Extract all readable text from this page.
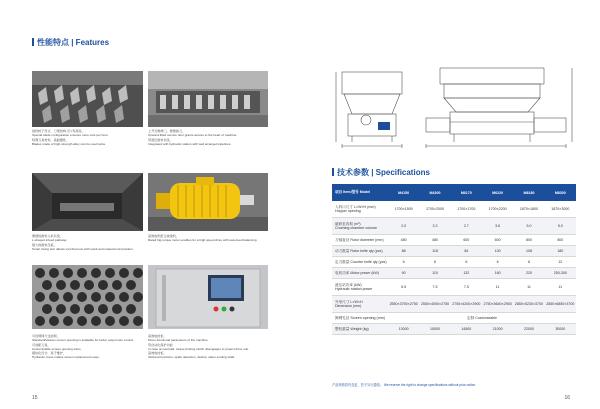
性能特点 | Features
独特转子设计，刀架结构刀片寿命高，
Special blade configuration ensures more cuts per hour
特殊刀具材料，高耐磨性，
Blades made of high-strength alloy can be used twice.
上开式维修门，便捷换刀，
Upward-lifted service door grants access to the heart of machine.
带液压推料系统，
Integrated with hydraulic station with well arranged pipelines.
便捷的推料入料系统，
L-shaped infeed pathway.
强大的推料压板，
Smart swing arm allows synchronous with stock and material composition.
高效电机配合减速机，
Rated big-torque motor enables for a high speed drive with auto-feed balancing.
可选筛网与过滤网，
Standard/Various screen opening is available for better output size control.
可选配刀具，
Customisable screen opening sizes.
模块化设计，易于维护，
Hydraulic crane makes screen replacement easy.
高效电控柜，
Mono-functional parameters of the machine.
带自动化保护功能
In case of overload, torque-limiting clutch disengages to protect drive unit.
高效电控柜，
Optional functions: spark detection, dedust, water-cooling shaft.
15
技术参数 | Specifications
项目 Item/型号 Model	M4150	M4200	M6170	M6220	M8180	M8300

入料口尺寸 L×W×H (mm)
Hopper opening	1700×1500	1700×2000	1700×1700	1700×2200	1870×1800	1870×3000

破碎室容积 (m³)
Crushing chamber volume	2.0	3.3	2.7	3.6	5.0	5.0
刀轴直径 Rotor diameter (mm)	480	480	600	600	800	800
动刀数量 Rotor knife qty (pcs)	88	118	84	130	108	180
定刀数量 Counter knife qty (pcs)	6	6	6	6	8	12
电机功率 Motor power (kW)	90	110	132	160	220	250-300

液压站功率 (kW)
Hydraulic station power	5.5	7.5	7.5	11	11	11

外形尺寸 L×W×H
Dimension (mm)	2550×3750×2750	2550×4000×2750	2750×4200×2900	2750×5640×2900	2850×5230×3700	2850×6850×3700
筛网孔径 Screen opening (mm)	定制 Customizable					
整机重量 Weight (kg)	13000	15000	14500	21000	22000	30000
产品规格将有变更，恕不另行通知。 We reserve the right to change specifications without prior notice.
16
